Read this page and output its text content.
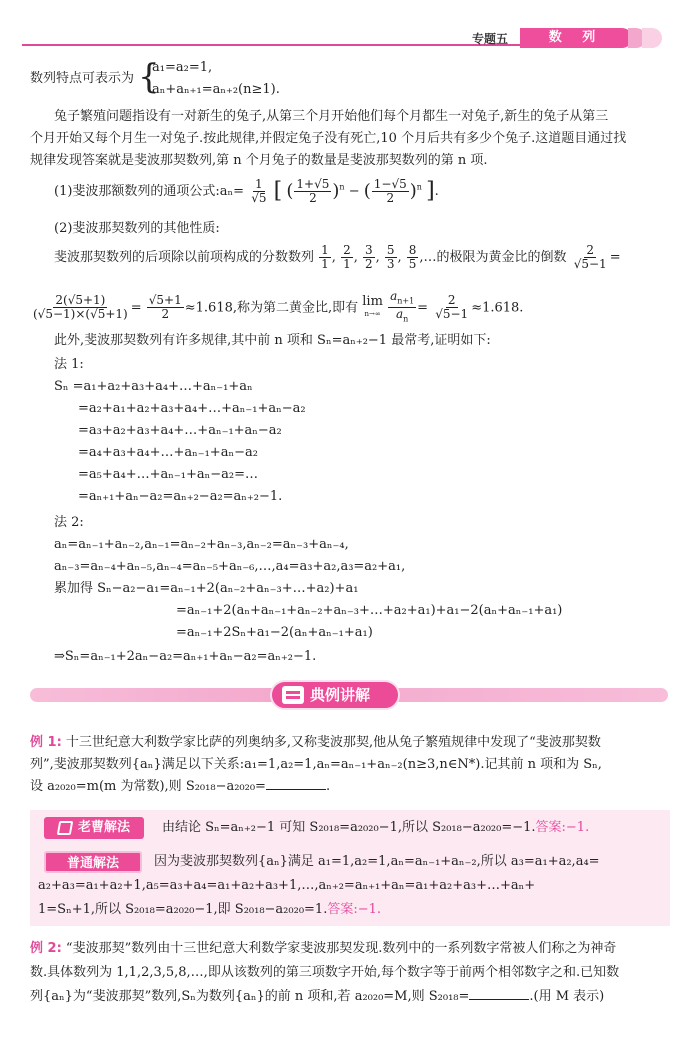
专题五	数 列
数列特点可表示为 {
a₁=a₂=1,
aₙ+aₙ₊₁=aₙ₊₂(n≥1).
兔子繁殖问题指设有一对新生的兔子,从第三个月开始他们每个月都生一对兔子,新生的兔子从第三
个月开始又每个月生一对兔子.按此规律,并假定兔子没有死亡,10 个月后共有多少个兔子.这道题目通过找
规律发现答案就是斐波那契数列,第 n 个月兔子的数量是斐波那契数列的第 n 项.
(1)斐波那额数列的通项公式:aₙ= $\frac{1}{√5}$ [ ( $\frac{1+√5}{2} )^n$ − ( $\frac{1-√5}{2} )^n$ ].
(2)斐波那契数列的其他性质:
斐波那契数列的后项除以前项构成的分数数列 $\frac{1}{1}$ , $\frac{2}{1}$ , $\frac{3}{2}$ , $\frac{5}{3}$ , $\frac{8}{5}$ ,…的极限为黄金比的倒数 $\frac{2}{√5-1}$ =
$\frac{2(√5+1)}{(√5-1)\times(√5+1)} = \frac{√5+1}{2} \approx 1.618$,称为第二黄金比,即有 lim
n→∞
$\frac{a_{n+1}}{a_n} = \frac{2}{√5-1} \approx 1.618$.
此外,斐波那契数列有许多规律,其中前 n 项和 Sₙ=aₙ₊₂−1 最常考,证明如下:
法 1:
Sₙ =a₁+a₂+a₃+a₄+…+aₙ₋₁+aₙ
=a₂+a₁+a₂+a₃+a₄+…+aₙ₋₁+aₙ−a₂
=a₃+a₂+a₃+a₄+…+aₙ₋₁+aₙ−a₂
=a₄+a₃+a₄+…+aₙ₋₁+aₙ−a₂
=a₅+a₄+…+aₙ₋₁+aₙ−a₂=…
=aₙ₊₁+aₙ−a₂=aₙ₊₂−a₂=aₙ₊₂−1.
法 2:
aₙ=aₙ₋₁+aₙ₋₂,aₙ₋₁=aₙ₋₂+aₙ₋₃,aₙ₋₂=aₙ₋₃+aₙ₋₄,
aₙ₋₃=aₙ₋₄+aₙ₋₅,aₙ₋₄=aₙ₋₅+aₙ₋₆,…,a₄=a₃+a₂,a₃=a₂+a₁,
累加得 Sₙ−a₂−a₁=aₙ₋₁+2(aₙ₋₂+aₙ₋₃+…+a₂)+a₁
=aₙ₋₁+2(aₙ+aₙ₋₁+aₙ₋₂+aₙ₋₃+…+a₂+a₁)+a₁−2(aₙ+aₙ₋₁+a₁)
=aₙ₋₁+2Sₙ+a₁−2(aₙ+aₙ₋₁+a₁)
⇒Sₙ=aₙ₋₁+2aₙ−a₂=aₙ₊₁+aₙ−a₂=aₙ₊₂−1.
典例讲解
例 1: 十三世纪意大利数学家比萨的列奥纳多,又称斐波那契,他从兔子繁殖规律中发现了“斐波那契数
列”,斐波那契数列{aₙ}满足以下关系:a₁=1,a₂=1,aₙ=aₙ₋₁+aₙ₋₂(n≥3,n∈N*).记其前 n 项和为 Sₙ,
设 a₂₀₂₀=m(m 为常数),则 S₂₀₁₈−a₂₀₂₀=	.
老曹解法	由结论 Sₙ=aₙ₊₂−1 可知 S₂₀₁₈=a₂₀₂₀−1,所以 S₂₀₁₈−a₂₀₂₀=−1.答案:−1.
普通解法	因为斐波那契数列{aₙ}满足 a₁=1,a₂=1,aₙ=aₙ₋₁+aₙ₋₂,所以 a₃=a₁+a₂,a₄=
a₂+a₃=a₁+a₂+1,a₅=a₃+a₄=a₁+a₂+a₃+1,…,aₙ₊₂=aₙ₊₁+aₙ=a₁+a₂+a₃+…+aₙ+
1=Sₙ+1,所以 S₂₀₁₈=a₂₀₂₀−1,即 S₂₀₁₈−a₂₀₂₀=1.答案:−1.
例 2: “斐波那契”数列由十三世纪意大利数学家斐波那契发现.数列中的一系列数字常被人们称之为神奇
数.具体数列为 1,1,2,3,5,8,…,即从该数列的第三项数字开始,每个数字等于前两个相邻数字之和.已知数
列{aₙ}为“斐波那契”数列,Sₙ为数列{aₙ}的前 n 项和,若 a₂₀₂₀=M,则 S₂₀₁₈=	.(用 M 表示)
